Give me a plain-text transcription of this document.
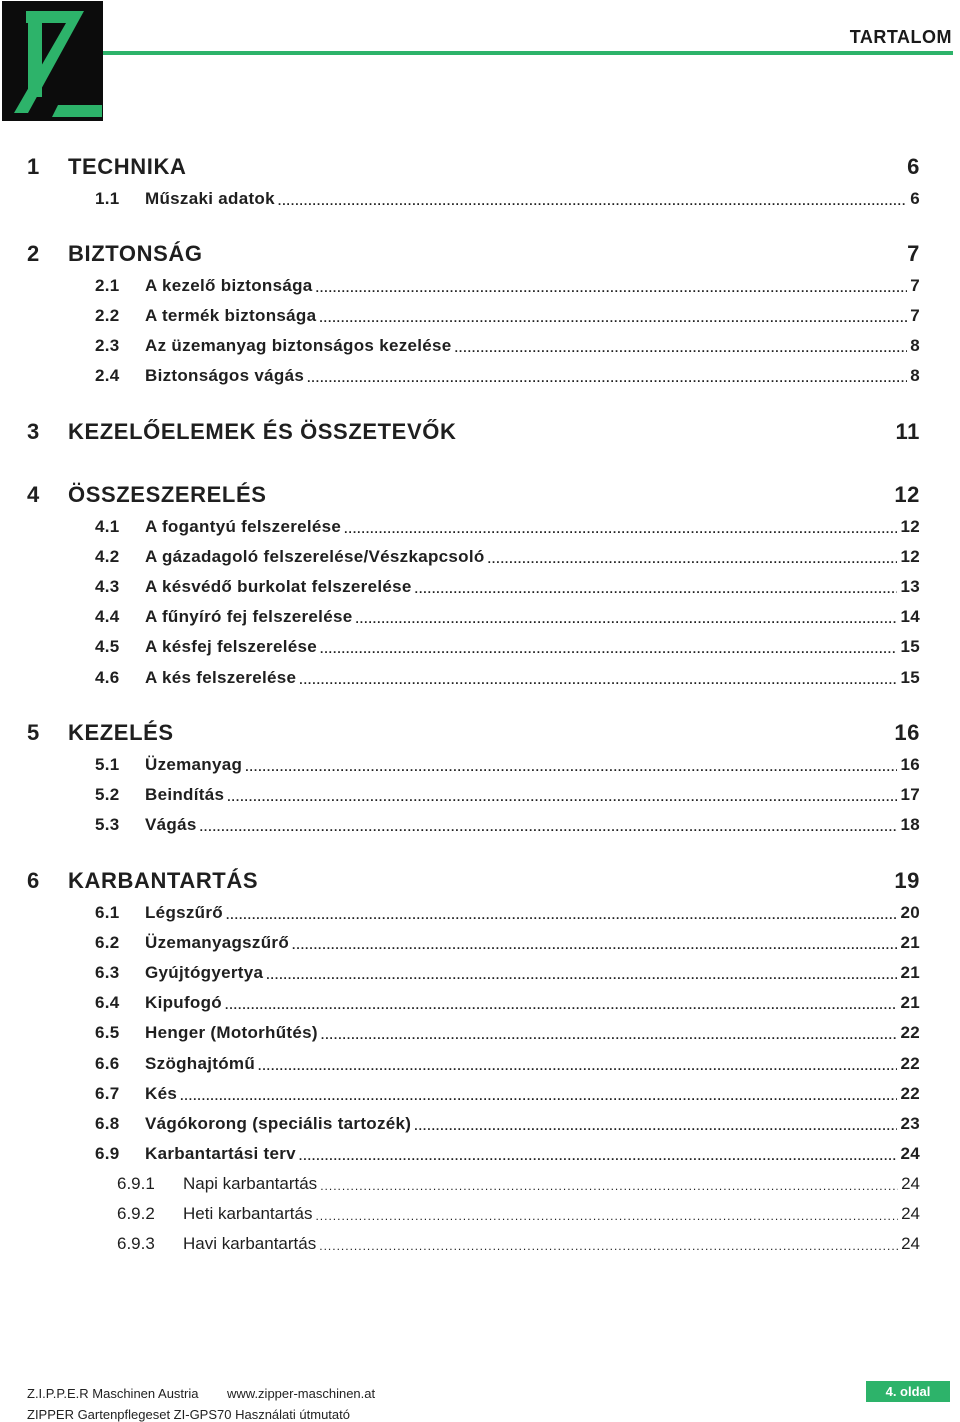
TARTALOM
1	TECHNIKA	6
1.1	Műszaki adatok .....	6
2	BIZTONSÁG	7
2.1	A kezelő biztonsága .....	7
2.2	A termék biztonsága .....	7
2.3	Az üzemanyag biztonságos kezelése .....	8
2.4	Biztonságos vágás .....	8
3	KEZELŐELEMEK ÉS ÖSSZETEVŐK	11
4	ÖSSZESZERELÉS	12
4.1	A fogantyú felszerelése .....	12
4.2	A gázadagoló felszerelése/Vészkapcsoló .....	12
4.3	A késvédő burkolat felszerelése .....	13
4.4	A fűnyíró fej felszerelése .....	14
4.5	A késfej felszerelése .....	15
4.6	A kés felszerelése .....	15
5	KEZELÉS	16
5.1	Üzemanyag .....	16
5.2	Beindítás .....	17
5.3	Vágás .....	18
6	KARBANTARTÁS	19
6.1	Légszűrő .....	20
6.2	Üzemanyagszűrő .....	21
6.3	Gyújtógyertya .....	21
6.4	Kipufogó .....	21
6.5	Henger (Motorhűtés) .....	22
6.6	Szöghajtómű .....	22
6.7	Kés .....	22
6.8	Vágókorong (speciális tartozék) .....	23
6.9	Karbantartási terv .....	24
6.9.1	Napi karbantartás .....	24
6.9.2	Heti karbantartás .....	24
6.9.3	Havi karbantartás .....	24
Z.I.P.P.E.R Maschinen Austria www.zipper-maschinen.at
ZIPPER Gartenpflegeset ZI-GPS70 Használati útmutató
4. oldal
